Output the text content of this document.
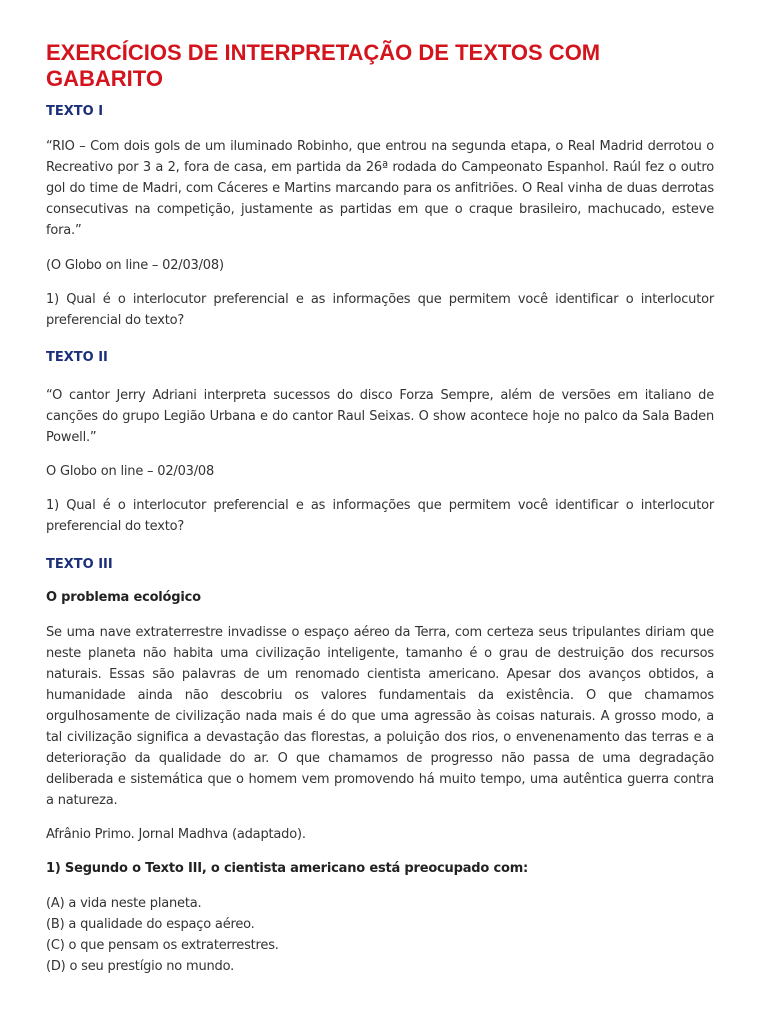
EXERCÍCIOS DE INTERPRETAÇÃO DE TEXTOS COM GABARITO

TEXTO I

“RIO – Com dois gols de um iluminado Robinho, que entrou na segunda etapa, o Real Madrid derrotou o Recreativo por 3 a 2, fora de casa, em partida da 26ª rodada do Campeonato Espanhol. Raúl fez o outro gol do time de Madri, com Cáceres e Martins marcando para os anfitriões. O Real vinha de duas derrotas consecutivas na competição, justamente as partidas em que o craque brasileiro, machucado, esteve fora.”

(O Globo on line – 02/03/08)

1) Qual é o interlocutor preferencial e as informações que permitem você identificar o interlocutor preferencial do texto?

TEXTO II

“O cantor Jerry Adriani interpreta sucessos do disco Forza Sempre, além de versões em italiano de canções do grupo Legião Urbana e do cantor Raul Seixas. O show acontece hoje no palco da Sala Baden Powell.”

O Globo on line – 02/03/08

1) Qual é o interlocutor preferencial e as informações que permitem você identificar o interlocutor preferencial do texto?

TEXTO III

O problema ecológico

Se uma nave extraterrestre invadisse o espaço aéreo da Terra, com certeza seus tripulantes diriam que neste planeta não habita uma civilização inteligente, tamanho é o grau de destruição dos recursos naturais. Essas são palavras de um renomado cientista americano. Apesar dos avanços obtidos, a humanidade ainda não descobriu os valores fundamentais da existência. O que chamamos orgulhosamente de civilização nada mais é do que uma agressão às coisas naturais. A grosso modo, a tal civilização significa a devastação das florestas, a poluição dos rios, o envenenamento das terras e a deterioração da qualidade do ar. O que chamamos de progresso não passa de uma degradação deliberada e sistemática que o homem vem promovendo há muito tempo, uma autêntica guerra contra a natureza.

Afrânio Primo. Jornal Madhva (adaptado).

1) Segundo o Texto III, o cientista americano está preocupado com:

(A) a vida neste planeta.
(B) a qualidade do espaço aéreo.
(C) o que pensam os extraterrestres.
(D) o seu prestígio no mundo.
